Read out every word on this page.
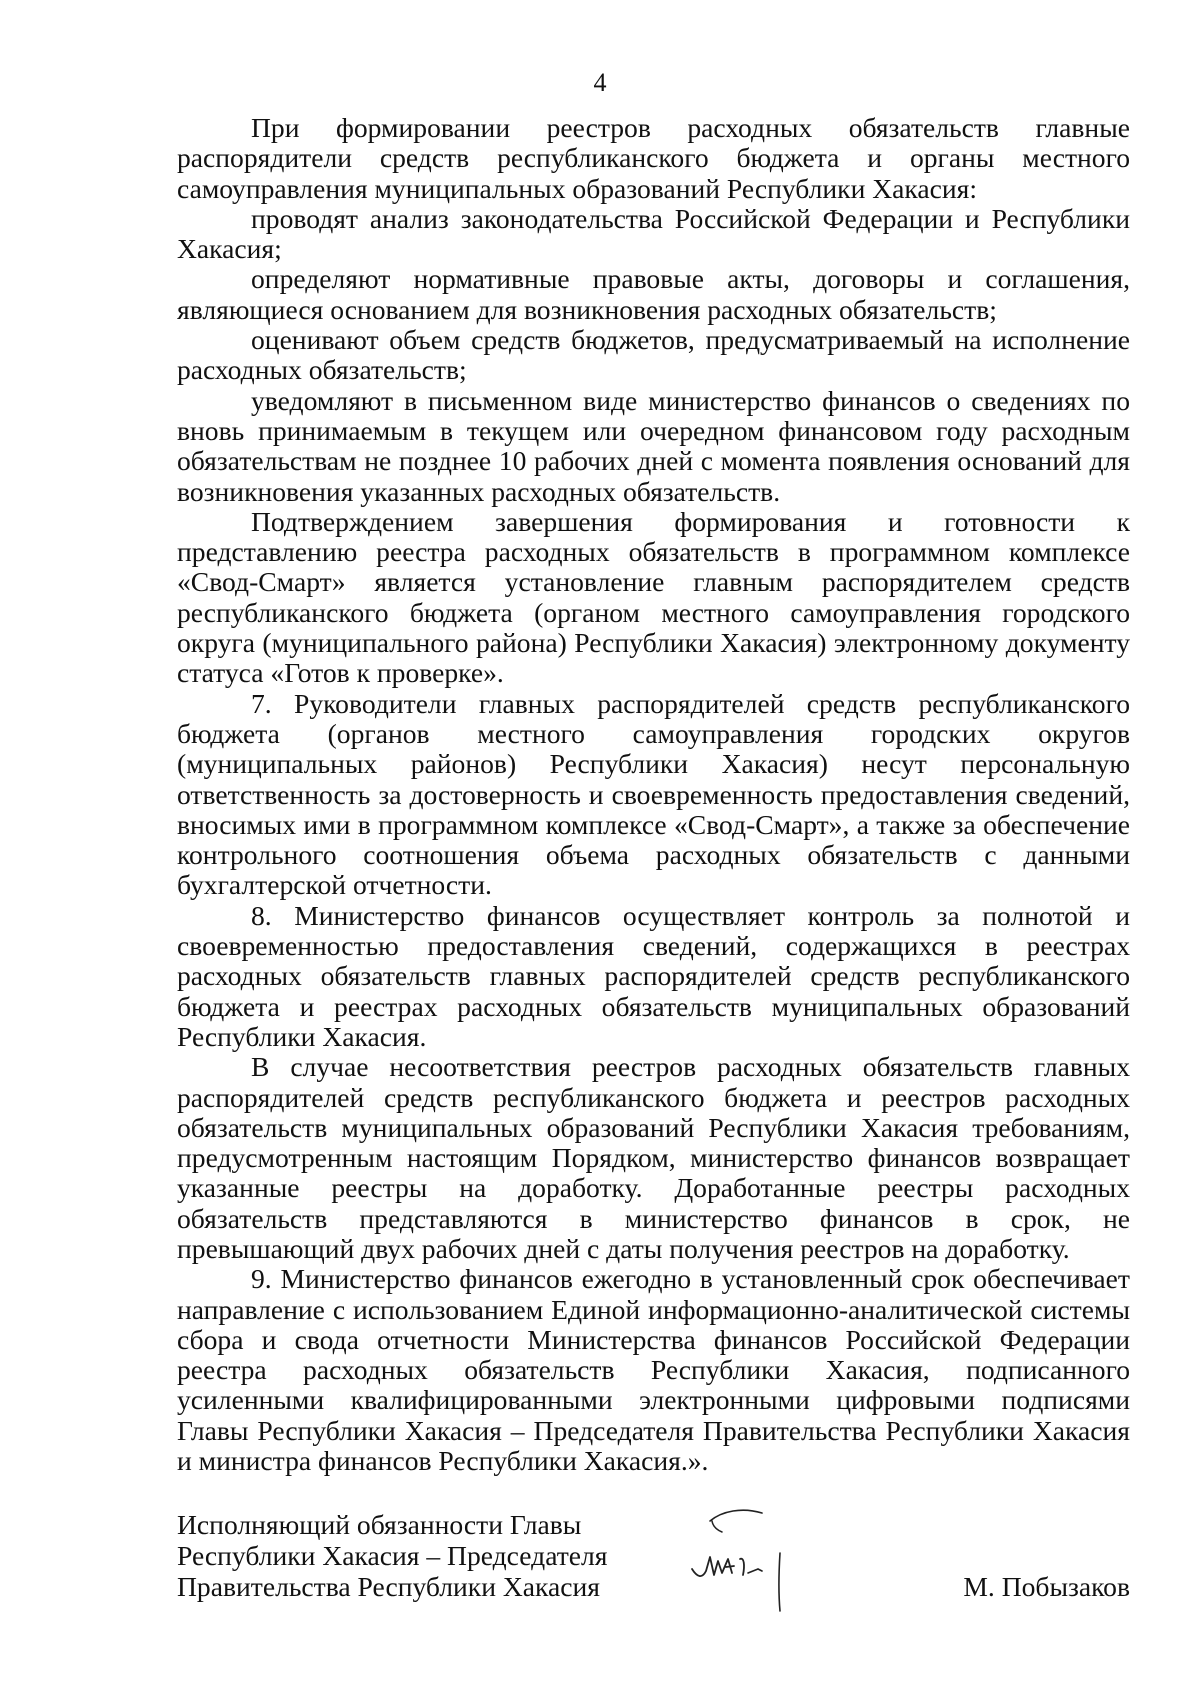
4

При формировании реестров расходных обязательств главные распорядители средств республиканского бюджета и органы местного самоуправления муниципальных образований Республики Хакасия:

проводят анализ законодательства Российской Федерации и Республики Хакасия;

определяют нормативные правовые акты, договоры и соглашения, являющиеся основанием для возникновения расходных обязательств;

оценивают объем средств бюджетов, предусматриваемый на исполнение расходных обязательств;

уведомляют в письменном виде министерство финансов о сведениях по вновь принимаемым в текущем или очередном финансовом году расходным обязательствам не позднее 10 рабочих дней с момента появления оснований для возникновения указанных расходных обязательств.

Подтверждением завершения формирования и готовности к представлению реестра расходных обязательств в программном комплексе «Свод-Смарт» является установление главным распорядителем средств республиканского бюджета (органом местного самоуправления городского округа (муниципального района) Республики Хакасия) электронному документу статуса «Готов к проверке».

7. Руководители главных распорядителей средств республиканского бюджета (органов местного самоуправления городских округов (муниципальных районов) Республики Хакасия) несут персональную ответственность за достоверность и своевременность предоставления сведений, вносимых ими в программном комплексе «Свод-Смарт», а также за обеспечение контрольного соотношения объема расходных обязательств с данными бухгалтерской отчетности.

8. Министерство финансов осуществляет контроль за полнотой и своевременностью предоставления сведений, содержащихся в реестрах расходных обязательств главных распорядителей средств республиканского бюджета и реестрах расходных обязательств муниципальных образований Республики Хакасия.

В случае несоответствия реестров расходных обязательств главных распорядителей средств республиканского бюджета и реестров расходных обязательств муниципальных образований Республики Хакасия требованиям, предусмотренным настоящим Порядком, министерство финансов возвращает указанные реестры на доработку. Доработанные реестры расходных обязательств представляются в министерство финансов в срок, не превышающий двух рабочих дней с даты получения реестров на доработку.

9. Министерство финансов ежегодно в установленный срок обеспечивает направление с использованием Единой информационно-аналитической системы сбора и свода отчетности Министерства финансов Российской Федерации реестра расходных обязательств Республики Хакасия, подписанного усиленными квалифицированными электронными цифровыми подписями Главы Республики Хакасия – Председателя Правительства Республики Хакасия и министра финансов Республики Хакасия.».

Исполняющий обязанности Главы
Республики Хакасия – Председателя
Правительства Республики Хакасия	М. Побызаков
